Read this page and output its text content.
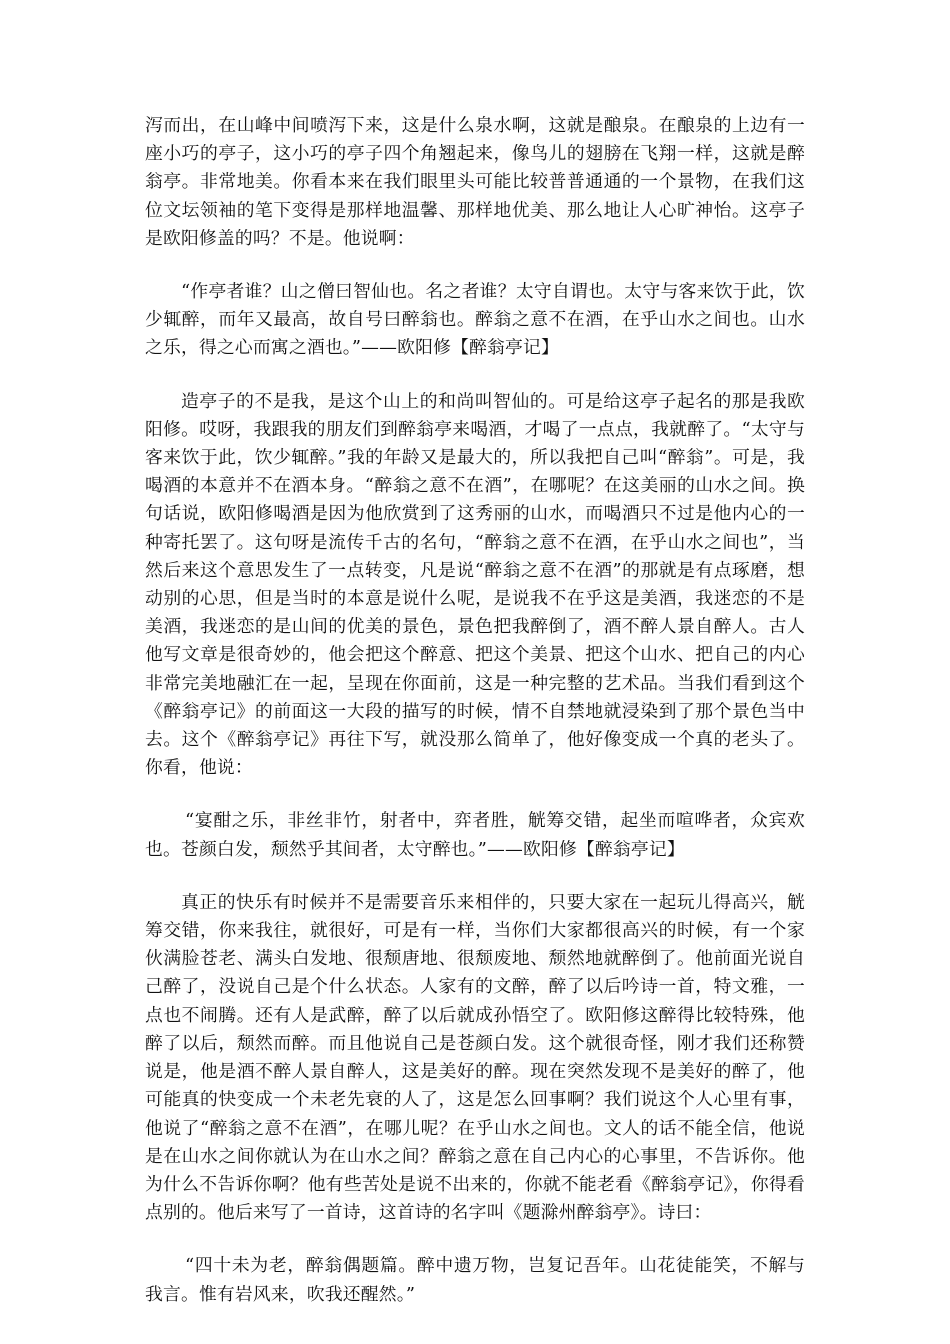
泻而出，在山峰中间喷泻下来，这是什么泉水啊，这就是酿泉。在酿泉的上边有一座小巧的亭子，这小巧的亭子四个角翘起来，像鸟儿的翅膀在飞翔一样，这就是醉翁亭。非常地美。你看本来在我们眼里头可能比较普普通通的一个景物，在我们这位文坛领袖的笔下变得是那样地温馨、那样地优美、那么地让人心旷神怡。这亭子是欧阳修盖的吗？不是。他说啊：

“作亭者谁？山之僧曰智仙也。名之者谁？太守自谓也。太守与客来饮于此，饮少辄醉，而年又最高，故自号曰醉翁也。醉翁之意不在酒，在乎山水之间也。山水之乐，得之心而寓之酒也。”——欧阳修【醉翁亭记】

造亭子的不是我，是这个山上的和尚叫智仙的。可是给这亭子起名的那是我欧阳修。哎呀，我跟我的朋友们到醉翁亭来喝酒，才喝了一点点，我就醉了。“太守与客来饮于此，饮少辄醉。”我的年龄又是最大的，所以我把自己叫“醉翁”。可是，我喝酒的本意并不在酒本身。“醉翁之意不在酒”，在哪呢？在这美丽的山水之间。换句话说，欧阳修喝酒是因为他欣赏到了这秀丽的山水，而喝酒只不过是他内心的一种寄托罢了。这句呀是流传千古的名句，“醉翁之意不在酒，在乎山水之间也”，当然后来这个意思发生了一点转变，凡是说“醉翁之意不在酒”的那就是有点琢磨，想动别的心思，但是当时的本意是说什么呢，是说我不在乎这是美酒，我迷恋的不是美酒，我迷恋的是山间的优美的景色，景色把我醉倒了，酒不醉人景自醉人。古人他写文章是很奇妙的，他会把这个醉意、把这个美景、把这个山水、把自己的内心非常完美地融汇在一起，呈现在你面前，这是一种完整的艺术品。当我们看到这个《醉翁亭记》的前面这一大段的描写的时候，情不自禁地就浸染到了那个景色当中去。这个《醉翁亭记》再往下写，就没那么简单了，他好像变成一个真的老头了。你看，他说：

“宴酣之乐，非丝非竹，射者中，弈者胜，觥筹交错，起坐而喧哗者，众宾欢也。苍颜白发，颓然乎其间者，太守醉也。”——欧阳修【醉翁亭记】

真正的快乐有时候并不是需要音乐来相伴的，只要大家在一起玩儿得高兴，觥筹交错，你来我往，就很好，可是有一样，当你们大家都很高兴的时候，有一个家伙满脸苍老、满头白发地、很颓唐地、很颓废地、颓然地就醉倒了。他前面光说自己醉了，没说自己是个什么状态。人家有的文醉，醉了以后吟诗一首，特文雅，一点也不闹腾。还有人是武醉，醉了以后就成孙悟空了。欧阳修这醉得比较特殊，他醉了以后，颓然而醉。而且他说自己是苍颜白发。这个就很奇怪，刚才我们还称赞说是，他是酒不醉人景自醉人，这是美好的醉。现在突然发现不是美好的醉了，他可能真的快变成一个未老先衰的人了，这是怎么回事啊？我们说这个人心里有事，他说了“醉翁之意不在酒”，在哪儿呢？在乎山水之间也。文人的话不能全信，他说是在山水之间你就认为在山水之间？醉翁之意在自己内心的心事里，不告诉你。他为什么不告诉你啊？他有些苦处是说不出来的，你就不能老看《醉翁亭记》，你得看点别的。他后来写了一首诗，这首诗的名字叫《题滁州醉翁亭》。诗曰：

“四十未为老，醉翁偶题篇。醉中遗万物，岂复记吾年。山花徒能笑，不解与我言。惟有岩风来，吹我还醒然。”
